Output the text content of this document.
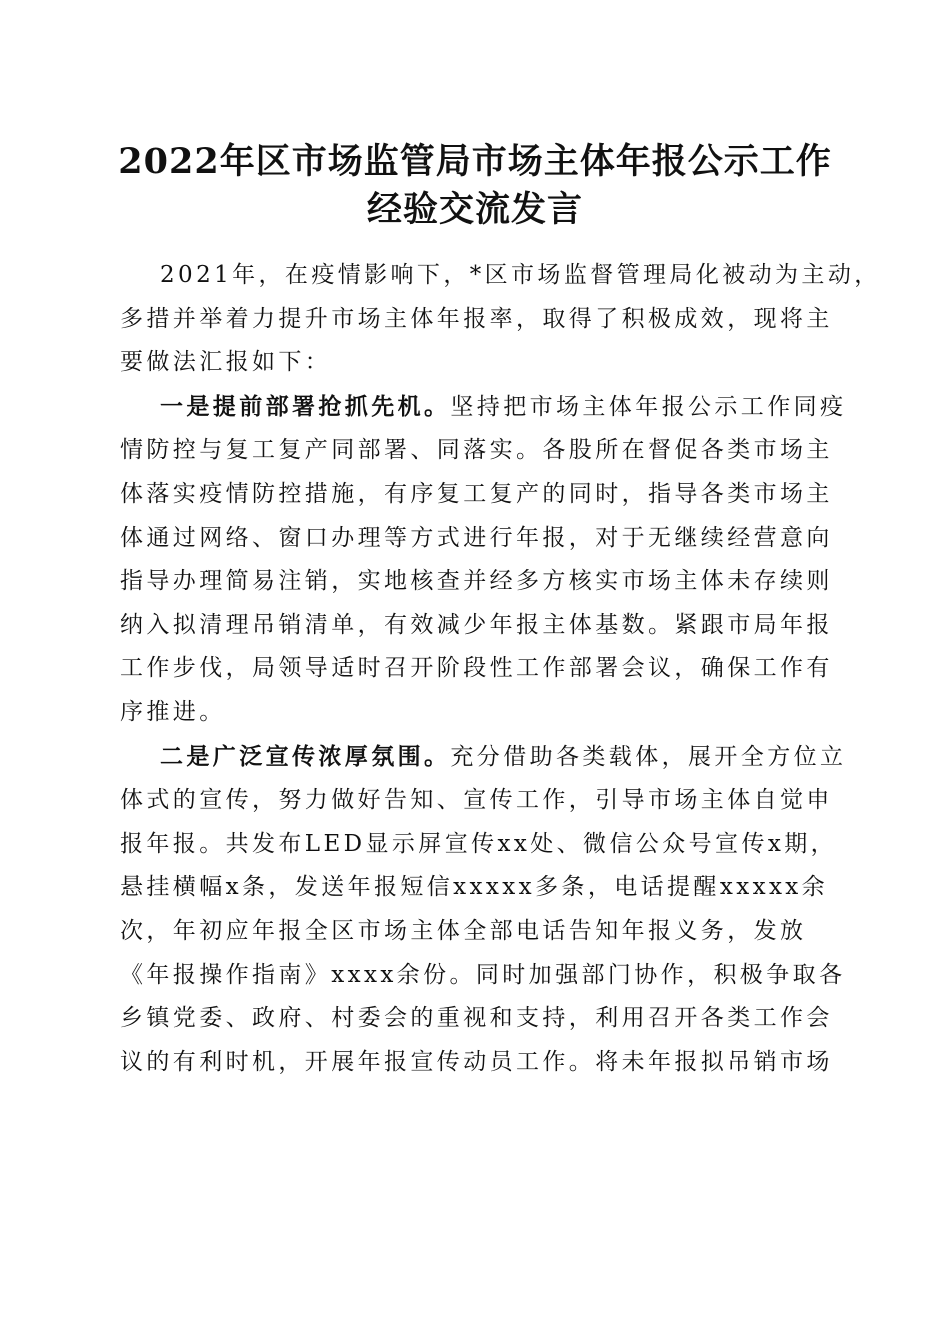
2022年区市场监管局市场主体年报公示工作
经验交流发言

2021年，在疫情影响下，*区市场监督管理局化被动为主动，
多措并举着力提升市场主体年报率，取得了积极成效，现将主
要做法汇报如下：

一是提前部署抢抓先机。坚持把市场主体年报公示工作同疫
情防控与复工复产同部署、同落实。各股所在督促各类市场主
体落实疫情防控措施，有序复工复产的同时，指导各类市场主
体通过网络、窗口办理等方式进行年报，对于无继续经营意向
指导办理简易注销，实地核查并经多方核实市场主体未存续则
纳入拟清理吊销清单，有效减少年报主体基数。紧跟市局年报
工作步伐，局领导适时召开阶段性工作部署会议，确保工作有
序推进。

二是广泛宣传浓厚氛围。充分借助各类载体，展开全方位立
体式的宣传，努力做好告知、宣传工作，引导市场主体自觉申
报年报。共发布LED显示屏宣传xx处、微信公众号宣传x期，
悬挂横幅x条，发送年报短信xxxxx多条，电话提醒xxxxx余
次，年初应年报全区市场主体全部电话告知年报义务，发放
《年报操作指南》xxxx余份。同时加强部门协作，积极争取各
乡镇党委、政府、村委会的重视和支持，利用召开各类工作会
议的有利时机，开展年报宣传动员工作。将未年报拟吊销市场
